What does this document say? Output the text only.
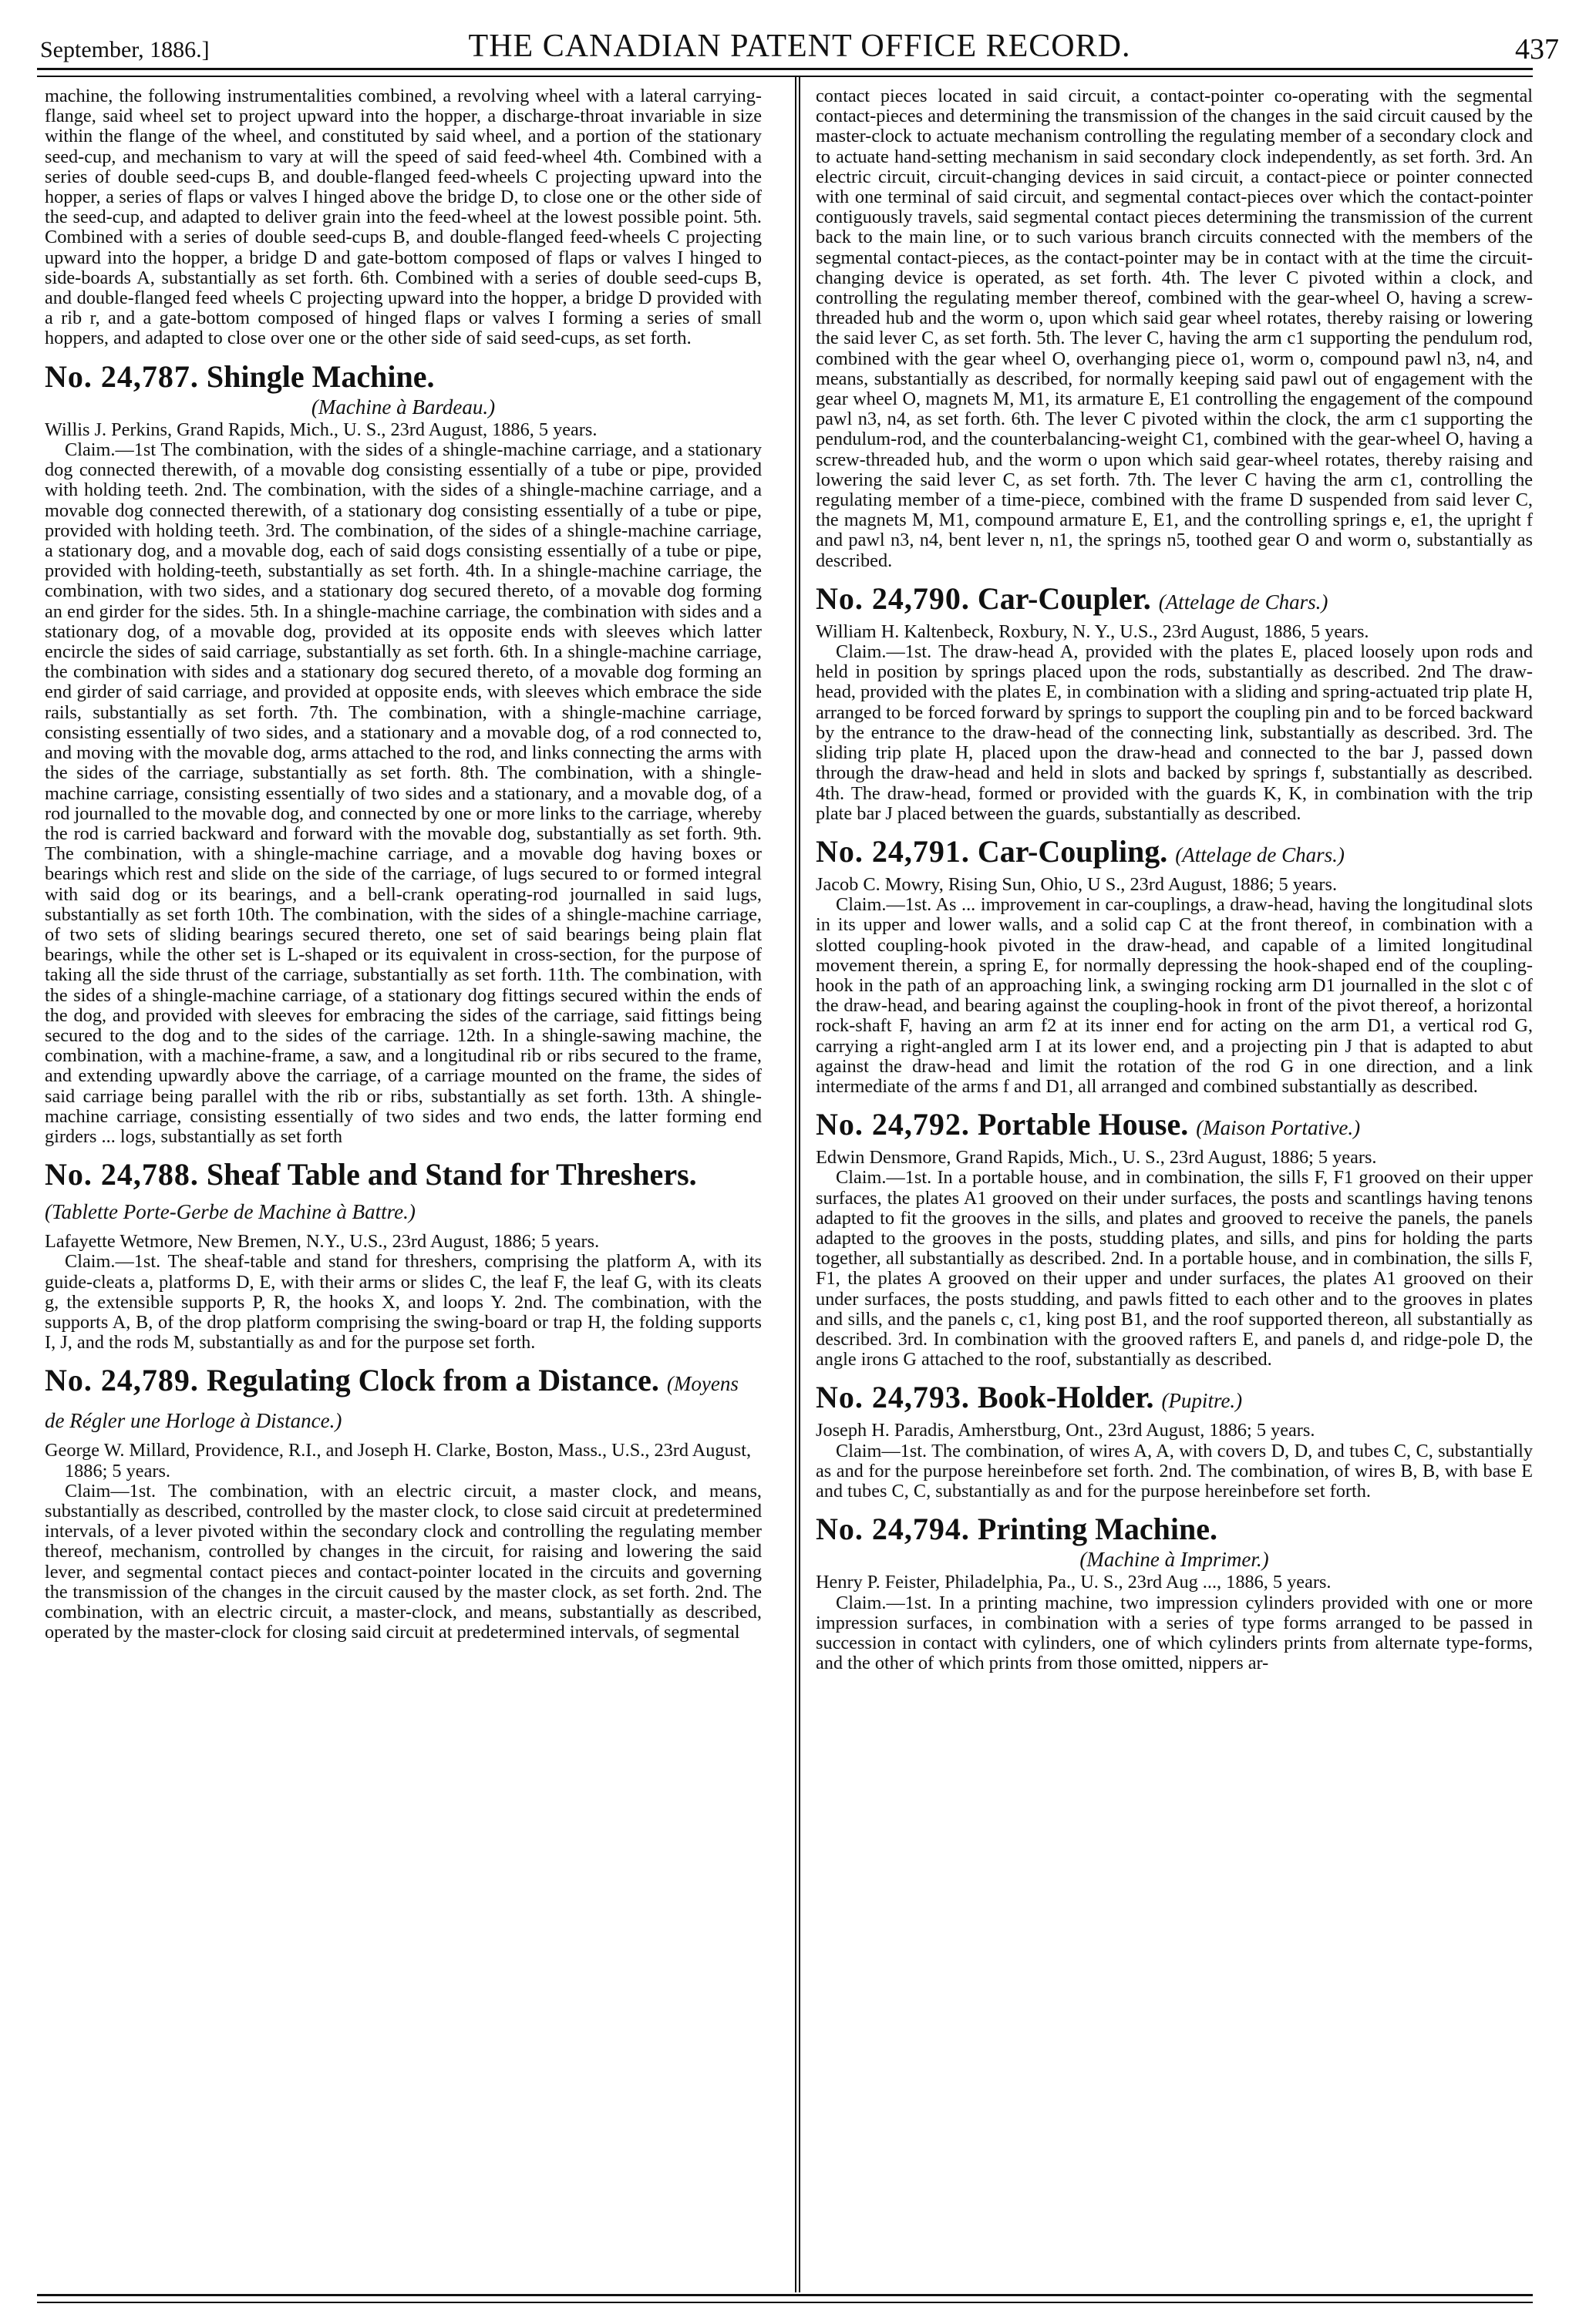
September, 1886.]	THE CANADIAN PATENT OFFICE RECORD.	437

machine, the following instrumentalities combined, a revolving wheel with a lateral carrying-flange, said wheel set to project upward into the hopper, a discharge-throat invariable in size within the flange of the wheel, and constituted by said wheel, and a portion of the stationary seed-cup, and mechanism to vary at will the speed of said feed-wheel 4th. Combined with a series of double seed-cups B, and double-flanged feed-wheels C projecting upward into the hopper, a series of flaps or valves I hinged above the bridge D, to close one or the other side of the seed-cup, and adapted to deliver grain into the feed-wheel at the lowest possible point. 5th. Combined with a series of double seed-cups B, and double-flanged feed-wheels C projecting upward into the hopper, a bridge D and gate-bottom composed of flaps or valves I hinged to side-boards A, substantially as set forth. 6th. Combined with a series of double seed-cups B, and double-flanged feed wheels C projecting upward into the hopper, a bridge D provided with a rib r, and a gate-bottom composed of hinged flaps or valves I forming a series of small hoppers, and adapted to close over one or the other side of said seed-cups, as set forth.

No. 24,787. Shingle Machine.
(Machine à Bardeau.)

Willis J. Perkins, Grand Rapids, Mich., U. S., 23rd August, 1886, 5 years.

Claim.—1st The combination, with the sides of a shingle-machine carriage, and a stationary dog connected therewith, of a movable dog consisting essentially of a tube or pipe, provided with holding teeth. 2nd. The combination, with the sides of a shingle-machine carriage, and a movable dog connected therewith, of a stationary dog consisting essentially of a tube or pipe, provided with holding teeth. 3rd. The combination, of the sides of a shingle-machine carriage, a stationary dog, and a movable dog, each of said dogs consisting essentially of a tube or pipe, provided with holding-teeth, substantially as set forth. 4th. In a shingle-machine carriage, the combination, with two sides, and a stationary dog secured thereto, of a movable dog forming an end girder for the sides. 5th. In a shingle-machine carriage, the combination with sides and a stationary dog, of a movable dog, provided at its opposite ends with sleeves which latter encircle the sides of said carriage, substantially as set forth. 6th. In a shingle-machine carriage, the combination with sides and a stationary dog secured thereto, of a movable dog forming an end girder of said carriage, and provided at opposite ends, with sleeves which embrace the side rails, substantially as set forth. 7th. The combination, with a shingle-machine carriage, consisting essentially of two sides, and a stationary and a movable dog, of a rod connected to, and moving with the movable dog, arms attached to the rod, and links connecting the arms with the sides of the carriage, substantially as set forth. 8th. The combination, with a shingle-machine carriage, consisting essentially of two sides and a stationary, and a movable dog, of a rod journalled to the movable dog, and connected by one or more links to the carriage, whereby the rod is carried backward and forward with the movable dog, substantially as set forth. 9th. The combination, with a shingle-machine carriage, and a movable dog having boxes or bearings which rest and slide on the side of the carriage, of lugs secured to or formed integral with said dog or its bearings, and a bell-crank operating-rod journalled in said lugs, substantially as set forth 10th. The combination, with the sides of a shingle-machine carriage, of two sets of sliding bearings secured thereto, one set of said bearings being plain flat bearings, while the other set is L-shaped or its equivalent in cross-section, for the purpose of taking all the side thrust of the carriage, substantially as set forth. 11th. The combination, with the sides of a shingle-machine carriage, of a stationary dog fittings secured within the ends of the dog, and provided with sleeves for embracing the sides of the carriage, said fittings being secured to the dog and to the sides of the carriage. 12th. In a shingle-sawing machine, the combination, with a machine-frame, a saw, and a longitudinal rib or ribs secured to the frame, and extending upwardly above the carriage, of a carriage mounted on the frame, the sides of said carriage being parallel with the rib or ribs, substantially as set forth. 13th. A shingle-machine carriage, consisting essentially of two sides and two ends, the latter forming end girders ... logs, substantially as set forth

No. 24,788. Sheaf Table and Stand for Threshers. (Tablette Porte-Gerbe de Machine à Battre.)

Lafayette Wetmore, New Bremen, N.Y., U.S., 23rd August, 1886; 5 years.

Claim.—1st. The sheaf-table and stand for threshers, comprising the platform A, with its guide-cleats a, platforms D, E, with their arms or slides C, the leaf F, the leaf G, with its cleats g, the extensible supports P, R, the hooks X, and loops Y. 2nd. The combination, with the supports A, B, of the drop platform comprising the swing-board or trap H, the folding supports I, J, and the rods M, substantially as and for the purpose set forth.

No. 24,789. Regulating Clock from a Distance. (Moyens de Régler une Horloge à Distance.)

George W. Millard, Providence, R.I., and Joseph H. Clarke, Boston, Mass., U.S., 23rd August, 1886; 5 years.

Claim—1st. The combination, with an electric circuit, a master clock, and means, substantially as described, controlled by the master clock, to close said circuit at predetermined intervals, of a lever pivoted within the secondary clock and controlling the regulating member thereof, mechanism, controlled by changes in the circuit, for raising and lowering the said lever, and segmental contact pieces and contact-pointer located in the circuits and governing the transmission of the changes in the circuit caused by the master clock, as set forth. 2nd. The combination, with an electric circuit, a master-clock, and means, substantially as described, operated by the master-clock for closing said circuit at predetermined intervals, of segmental

contact pieces located in said circuit, a contact-pointer co-operating with the segmental contact-pieces and determining the transmission of the changes in the said circuit caused by the master-clock to actuate mechanism controlling the regulating member of a secondary clock and to actuate hand-setting mechanism in said secondary clock independently, as set forth. 3rd. An electric circuit, circuit-changing devices in said circuit, a contact-piece or pointer connected with one terminal of said circuit, and segmental contact-pieces over which the contact-pointer contiguously travels, said segmental contact pieces determining the transmission of the current back to the main line, or to such various branch circuits connected with the members of the segmental contact-pieces, as the contact-pointer may be in contact with at the time the circuit-changing device is operated, as set forth. 4th. The lever C pivoted within a clock, and controlling the regulating member thereof, combined with the gear-wheel O, having a screw-threaded hub and the worm o, upon which said gear wheel rotates, thereby raising or lowering the said lever C, as set forth. 5th. The lever C, having the arm c1 supporting the pendulum rod, combined with the gear wheel O, overhanging piece o1, worm o, compound pawl n3, n4, and means, substantially as described, for normally keeping said pawl out of engagement with the gear wheel O, magnets M, M1, its armature E, E1 controlling the engagement of the compound pawl n3, n4, as set forth. 6th. The lever C pivoted within the clock, the arm c1 supporting the pendulum-rod, and the counterbalancing-weight C1, combined with the gear-wheel O, having a screw-threaded hub, and the worm o upon which said gear-wheel rotates, thereby raising and lowering the said lever C, as set forth. 7th. The lever C having the arm c1, controlling the regulating member of a time-piece, combined with the frame D suspended from said lever C, the magnets M, M1, compound armature E, E1, and the controlling springs e, e1, the upright f and pawl n3, n4, bent lever n, n1, the springs n5, toothed gear O and worm o, substantially as described.

No. 24,790. Car-Coupler. (Attelage de Chars.)

William H. Kaltenbeck, Roxbury, N. Y., U.S., 23rd August, 1886, 5 years.

Claim.—1st. The draw-head A, provided with the plates E, placed loosely upon rods and held in position by springs placed upon the rods, substantially as described. 2nd The draw-head, provided with the plates E, in combination with a sliding and spring-actuated trip plate H, arranged to be forced forward by springs to support the coupling pin and to be forced backward by the entrance to the draw-head of the connecting link, substantially as described. 3rd. The sliding trip plate H, placed upon the draw-head and connected to the bar J, passed down through the draw-head and held in slots and backed by springs f, substantially as described. 4th. The draw-head, formed or provided with the guards K, K, in combination with the trip plate bar J placed between the guards, substantially as described.

No. 24,791. Car-Coupling. (Attelage de Chars.)

Jacob C. Mowry, Rising Sun, Ohio, U S., 23rd August, 1886; 5 years.

Claim.—1st. As ... improvement in car-couplings, a draw-head, having the longitudinal slots in its upper and lower walls, and a solid cap C at the front thereof, in combination with a slotted coupling-hook pivoted in the draw-head, and capable of a limited longitudinal movement therein, a spring E, for normally depressing the hook-shaped end of the coupling-hook in the path of an approaching link, a swinging rocking arm D1 journalled in the slot c of the draw-head, and bearing against the coupling-hook in front of the pivot thereof, a horizontal rock-shaft F, having an arm f2 at its inner end for acting on the arm D1, a vertical rod G, carrying a right-angled arm I at its lower end, and a projecting pin J that is adapted to abut against the draw-head and limit the rotation of the rod G in one direction, and a link intermediate of the arms f and D1, all arranged and combined substantially as described.

No. 24,792. Portable House. (Maison Portative.)

Edwin Densmore, Grand Rapids, Mich., U. S., 23rd August, 1886; 5 years.

Claim.—1st. In a portable house, and in combination, the sills F, F1 grooved on their upper surfaces, the plates A1 grooved on their under surfaces, the posts and scantlings having tenons adapted to fit the grooves in the sills, and plates and grooved to receive the panels, the panels adapted to the grooves in the posts, studding plates, and sills, and pins for holding the parts together, all substantially as described. 2nd. In a portable house, and in combination, the sills F, F1, the plates A grooved on their upper and under surfaces, the plates A1 grooved on their under surfaces, the posts studding, and pawls fitted to each other and to the grooves in plates and sills, and the panels c, c1, king post B1, and the roof supported thereon, all substantially as described. 3rd. In combination with the grooved rafters E, and panels d, and ridge-pole D, the angle irons G attached to the roof, substantially as described.

No. 24,793. Book-Holder. (Pupitre.)

Joseph H. Paradis, Amherstburg, Ont., 23rd August, 1886; 5 years.

Claim—1st. The combination, of wires A, A, with covers D, D, and tubes C, C, substantially as and for the purpose hereinbefore set forth. 2nd. The combination, of wires B, B, with base E and tubes C, C, substantially as and for the purpose hereinbefore set forth.

No. 24,794. Printing Machine.
(Machine à Imprimer.)

Henry P. Feister, Philadelphia, Pa., U. S., 23rd Aug ..., 1886, 5 years.

Claim.—1st. In a printing machine, two impression cylinders provided with one or more impression surfaces, in combination with a series of type forms arranged to be passed in succession in contact with cylinders, one of which cylinders prints from alternate type-forms, and the other of which prints from those omitted, nippers ar-
